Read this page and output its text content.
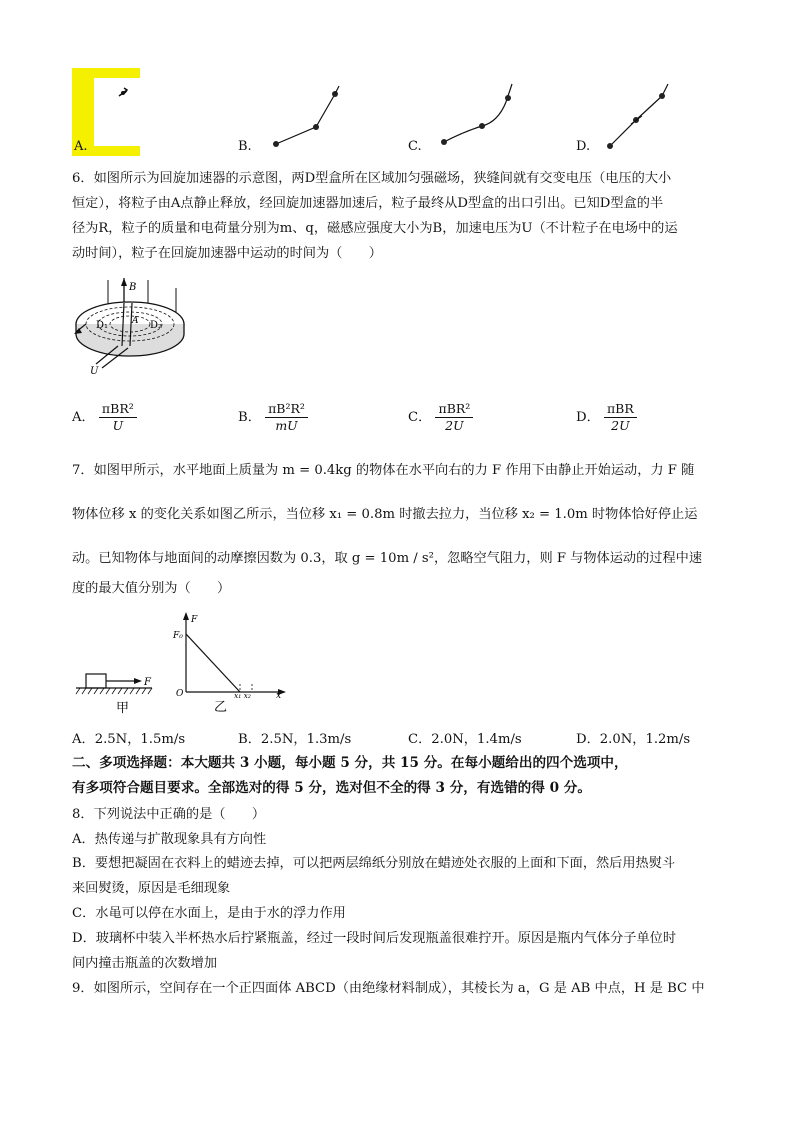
A.	B.	C.	D.
6．如图所示为回旋加速器的示意图，两D型盒所在区域加匀强磁场，狭缝间就有交变电压（电压的大小
恒定），将粒子由A点静止释放，经回旋加速器加速后，粒子最终从D型盒的出口引出。已知D型盒的半
径为R，粒子的质量和电荷量分别为m、q，磁感应强度大小为B，加速电压为U（不计粒子在电场中的运
动时间），粒子在回旋加速器中运动的时间为（　　）
B
D₁	D₂
A
U
A． $\frac{\text{πBR²}}{U}$	B． $\frac{\text{πB²R²}}{mU}$	C． $\frac{\text{πBR²}}{2U}$	D． $\frac{\text{πBR}}{2U}$
7．如图甲所示，水平地面上质量为 m = 0.4kg 的物体在水平向右的力 F 作用下由静止开始运动，力 F 随
物体位移 x 的变化关系如图乙所示，当位移 x₁ = 0.8m 时撤去拉力，当位移 x₂ = 1.0m 时物体恰好停止运
动。已知物体与地面间的动摩擦因数为 0.3，取 g = 10m / s²，忽略空气阻力，则 F 与物体运动的过程中速
度的最大值分别为（　　）
F
甲
F
F₀
O	x₁ x₂	x
乙
A．2.5N，1.5m/s	B．2.5N，1.3m/s	C．2.0N，1.4m/s	D．2.0N，1.2m/s
二、多项选择题：本大题共 3 小题，每小题 5 分，共 15 分。在每小题给出的四个选项中，
有多项符合题目要求。全部选对的得 5 分，选对但不全的得 3 分，有选错的得 0 分。
8．下列说法中正确的是（　　）
A．热传递与扩散现象具有方向性
B．要想把凝固在衣料上的蜡迹去掉，可以把两层绵纸分别放在蜡迹处衣服的上面和下面，然后用热熨斗
来回熨烫，原因是毛细现象
C．水黾可以停在水面上，是由于水的浮力作用
D．玻璃杯中装入半杯热水后拧紧瓶盖，经过一段时间后发现瓶盖很难拧开。原因是瓶内气体分子单位时
间内撞击瓶盖的次数增加
9．如图所示，空间存在一个正四面体 ABCD（由绝缘材料制成），其棱长为 a，G 是 AB 中点，H 是 BC 中
